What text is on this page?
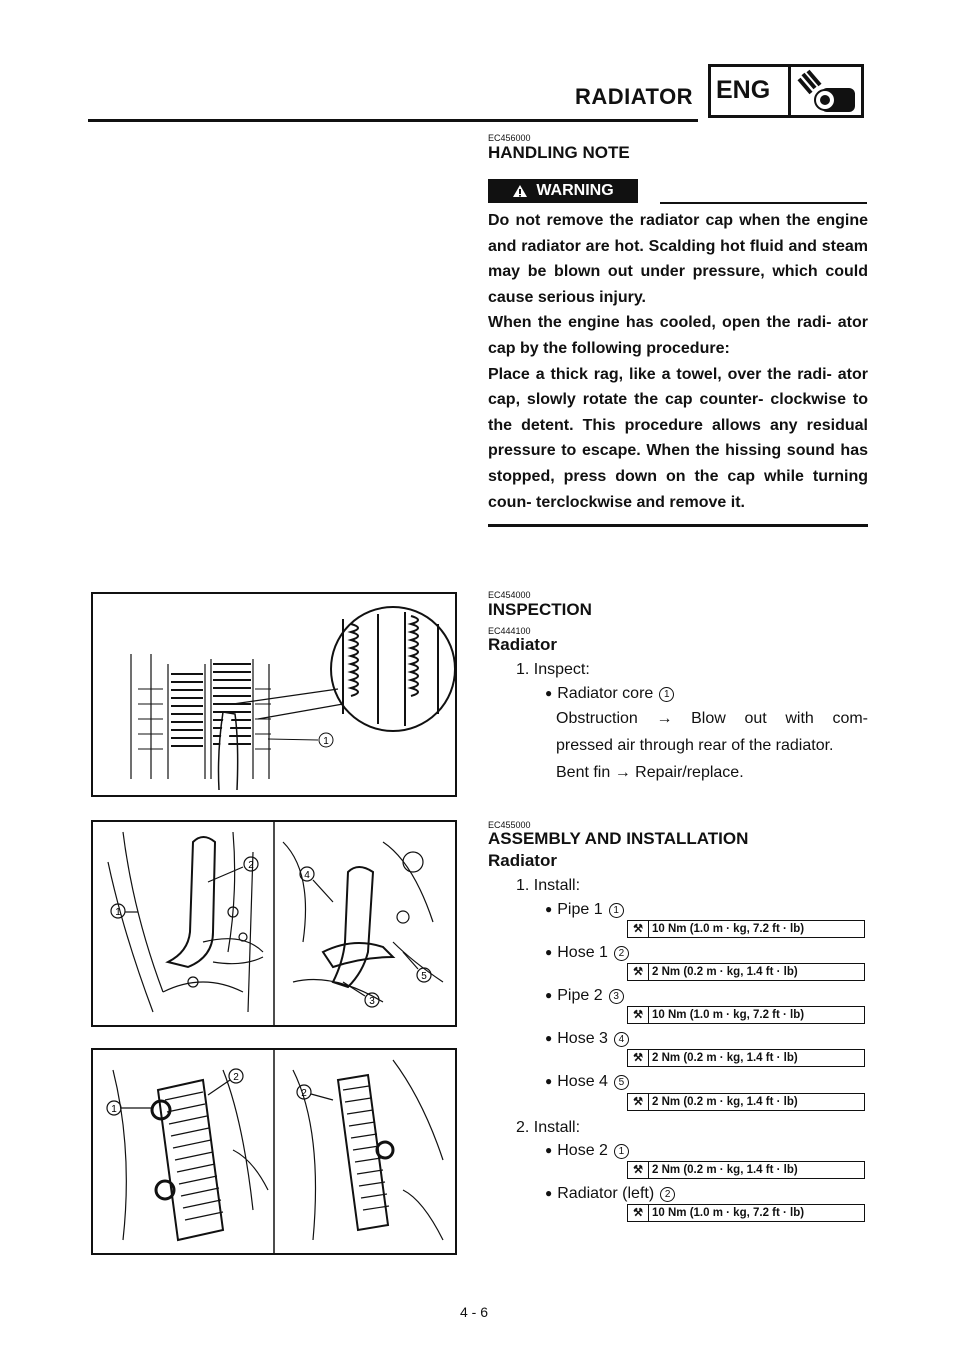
RADIATOR ENG
EC456000
HANDLING NOTE
WARNING
Do not remove the radiator cap when the engine and radiator are hot. Scalding hot fluid and steam may be blown out under pressure, which could cause serious injury.
When the engine has cooled, open the radi- ator cap by the following procedure:
Place a thick rag, like a towel, over the radi- ator cap, slowly rotate the cap counter- clockwise to the detent. This procedure allows any residual pressure to escape. When the hissing sound has stopped, press down on the cap while turning coun- terclockwise and remove it.
EC454000
INSPECTION
EC444100
Radiator
1. Inspect:
● Radiator core 1
Obstruction → Blow out with com-
pressed air through rear of the radiator.
Bent fin → Repair/replace.
1
EC455000
ASSEMBLY AND INSTALLATION
Radiator
1. Install:
● Pipe 1 1
⚒ 10 Nm (1.0 m · kg, 7.2 ft · lb)
● Hose 1 2
⚒ 2 Nm (0.2 m · kg, 1.4 ft · lb)
● Pipe 2 3
⚒ 10 Nm (1.0 m · kg, 7.2 ft · lb)
● Hose 3 4
⚒ 2 Nm (0.2 m · kg, 1.4 ft · lb)
● Hose 4 5
⚒ 2 Nm (0.2 m · kg, 1.4 ft · lb)
2. Install:
● Hose 2 1
⚒ 2 Nm (0.2 m · kg, 1.4 ft · lb)
● Radiator (left) 2
⚒ 10 Nm (1.0 m · kg, 7.2 ft · lb)
2
1
4
5
3
1
2
2
4 - 6
